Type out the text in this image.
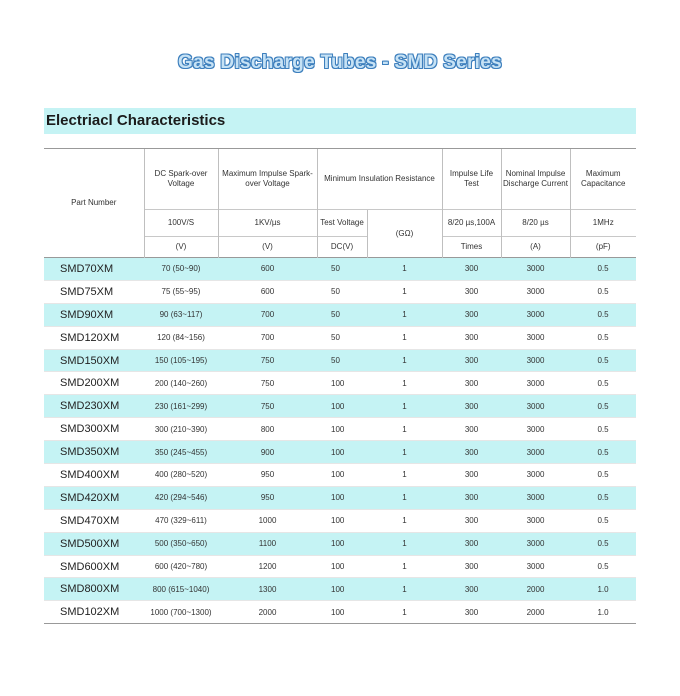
Gas Discharge Tubes - SMD Series
Electriacl Characteristics
Part Number	DC Spark-over Voltage	Maximum Impulse Spark-over Voltage	Minimum Insulation Resistance		Impulse Life Test	Nominal Impulse Discharge Current	Maximum Capacitance
	100V/S	1KV/µs	Test Voltage	(GΩ)	8/20 µs,100A	8/20 µs	1MHz
	(V)	(V)	DC(V)		Times	(A)	(pF)
SMD70XM	70 (50~90)	600	50	1	300	3000	0.5
SMD75XM	75 (55~95)	600	50	1	300	3000	0.5
SMD90XM	90 (63~117)	700	50	1	300	3000	0.5
SMD120XM	120 (84~156)	700	50	1	300	3000	0.5
SMD150XM	150 (105~195)	750	50	1	300	3000	0.5
SMD200XM	200 (140~260)	750	100	1	300	3000	0.5
SMD230XM	230 (161~299)	750	100	1	300	3000	0.5
SMD300XM	300 (210~390)	800	100	1	300	3000	0.5
SMD350XM	350 (245~455)	900	100	1	300	3000	0.5
SMD400XM	400 (280~520)	950	100	1	300	3000	0.5
SMD420XM	420 (294~546)	950	100	1	300	3000	0.5
SMD470XM	470 (329~611)	1000	100	1	300	3000	0.5
SMD500XM	500 (350~650)	1100	100	1	300	3000	0.5
SMD600XM	600 (420~780)	1200	100	1	300	3000	0.5
SMD800XM	800 (615~1040)	1300	100	1	300	2000	1.0
SMD102XM	1000 (700~1300)	2000	100	1	300	2000	1.0
